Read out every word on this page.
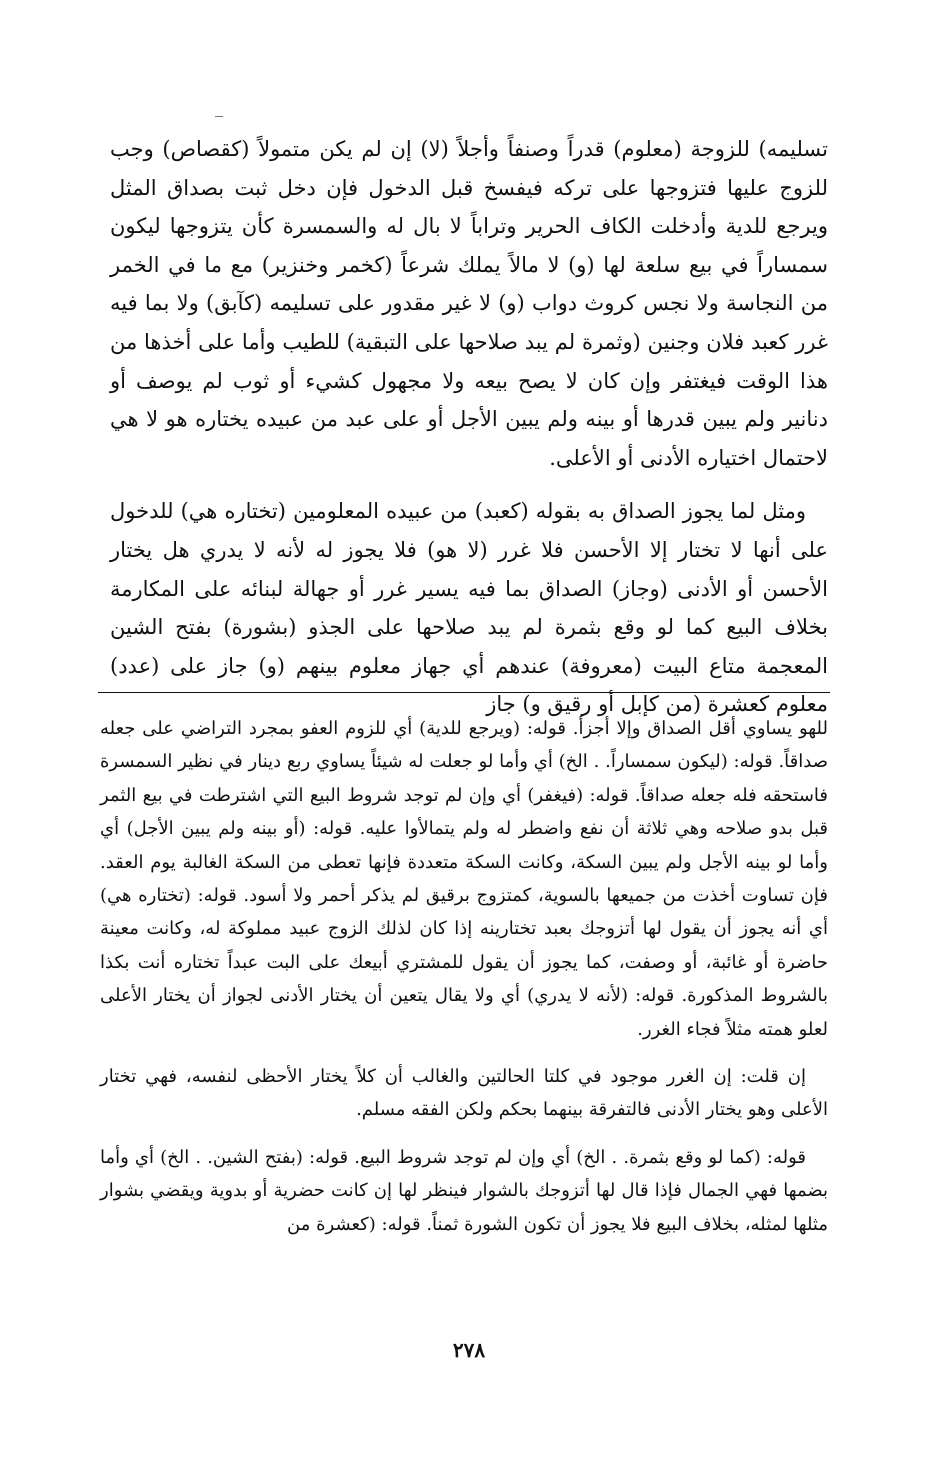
تسليمه) للزوجة (معلوم) قدراً وصنفاً وأجلاً (لا) إن لم يكن متمولاً (كقصاص) وجب للزوج عليها فتزوجها على تركه فيفسخ قبل الدخول فإن دخل ثبت بصداق المثل ويرجع للدية وأدخلت الكاف الحرير وتراباً لا بال له والسمسرة كأن يتزوجها ليكون سمساراً في بيع سلعة لها (و) لا مالاً يملك شرعاً (كخمر وخنزير) مع ما في الخمر من النجاسة ولا نجس كروث دواب (و) لا غير مقدور على تسليمه (كآبق) ولا بما فيه غرر كعبد فلان وجنين (وثمرة لم يبد صلاحها على التبقية) للطيب وأما على أخذها من هذا الوقت فيغتفر وإن كان لا يصح بيعه ولا مجهول كشيء أو ثوب لم يوصف أو دنانير ولم يبين قدرها أو بينه ولم يبين الأجل أو على عبد من عبيده يختاره هو لا هي لاحتمال اختياره الأدنى أو الأعلى.

ومثل لما يجوز الصداق به بقوله (كعبد) من عبيده المعلومين (تختاره هي) للدخول على أنها لا تختار إلا الأحسن فلا غرر (لا هو) فلا يجوز له لأنه لا يدري هل يختار الأحسن أو الأدنى (وجاز) الصداق بما فيه يسير غرر أو جهالة لبنائه على المكارمة بخلاف البيع كما لو وقع بثمرة لم يبد صلاحها على الجذو (بشورة) بفتح الشين المعجمة متاع البيت (معروفة) عندهم أي جهاز معلوم بينهم (و) جاز على (عدد) معلوم كعشرة (من كإبل أو رقيق و) جاز

للهو يساوي أقل الصداق وإلا أجزأ. قوله: (ويرجع للدية) أي للزوم العفو بمجرد التراضي على جعله صداقاً. قوله: (ليكون سمساراً. . الخ) أي وأما لو جعلت له شيئاً يساوي ربع دينار في نظير السمسرة فاستحقه فله جعله صداقاً. قوله: (فيغفر) أي وإن لم توجد شروط البيع التي اشترطت في بيع الثمر قبل بدو صلاحه وهي ثلاثة أن نفع واضطر له ولم يتمالأوا عليه. قوله: (أو بينه ولم يبين الأجل) أي وأما لو بينه الأجل ولم يبين السكة، وكانت السكة متعددة فإنها تعطى من السكة الغالبة يوم العقد. فإن تساوت أخذت من جميعها بالسوية، كمتزوج برقيق لم يذكر أحمر ولا أسود. قوله: (تختاره هي) أي أنه يجوز أن يقول لها أتزوجك بعبد تختارينه إذا كان لذلك الزوج عبيد مملوكة له، وكانت معينة حاضرة أو غائبة، أو وصفت، كما يجوز أن يقول للمشتري أبيعك على البت عبداً تختاره أنت بكذا بالشروط المذكورة. قوله: (لأنه لا يدري) أي ولا يقال يتعين أن يختار الأدنى لجواز أن يختار الأعلى لعلو همته مثلاً فجاء الغرر.

إن قلت: إن الغرر موجود في كلتا الحالتين والغالب أن كلاً يختار الأحظى لنفسه، فهي تختار الأعلى وهو يختار الأدنى فالتفرقة بينهما بحكم ولكن الفقه مسلم.

قوله: (كما لو وقع بثمرة. . الخ) أي وإن لم توجد شروط البيع. قوله: (بفتح الشين. . الخ) أي وأما بضمها فهي الجمال فإذا قال لها أتزوجك بالشوار فينظر لها إن كانت حضرية أو بدوية ويقضي بشوار مثلها لمثله، بخلاف البيع فلا يجوز أن تكون الشورة ثمناً. قوله: (كعشرة من

٢٧٨
